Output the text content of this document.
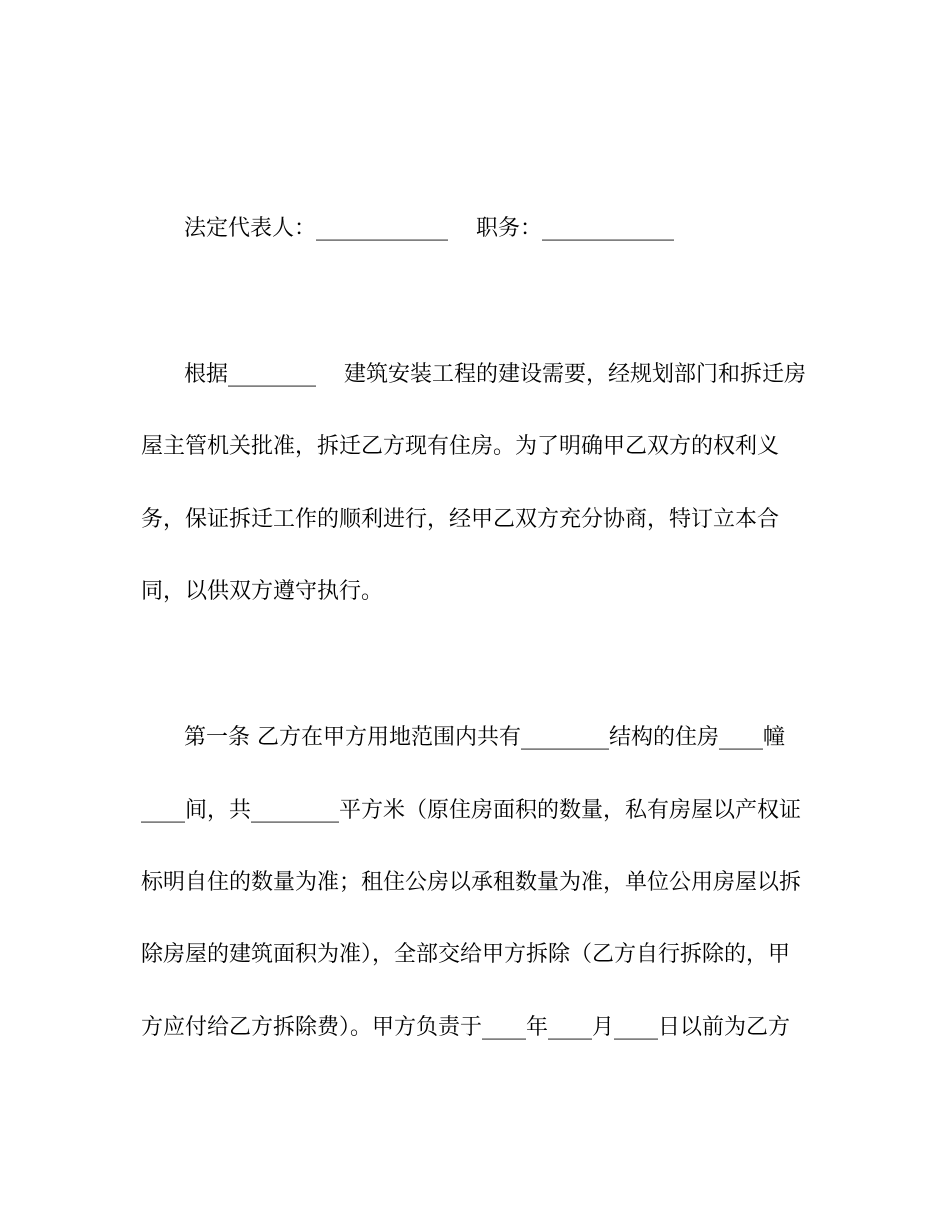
法定代表人：____________    职务：____________
根据________    建筑安装工程的建设需要，经规划部门和拆迁房
屋主管机关批准，拆迁乙方现有住房。为了明确甲乙双方的权利义
务，保证拆迁工作的顺利进行，经甲乙双方充分协商，特订立本合
同，以供双方遵守执行。
第一条 乙方在甲方用地范围内共有________结构的住房____幢
____间，共________平方米（原住房面积的数量，私有房屋以产权证
标明自住的数量为准；租住公房以承租数量为准，单位公用房屋以拆
除房屋的建筑面积为准），全部交给甲方拆除（乙方自行拆除的，甲
方应付给乙方拆除费）。甲方负责于____年____月____日以前为乙方
